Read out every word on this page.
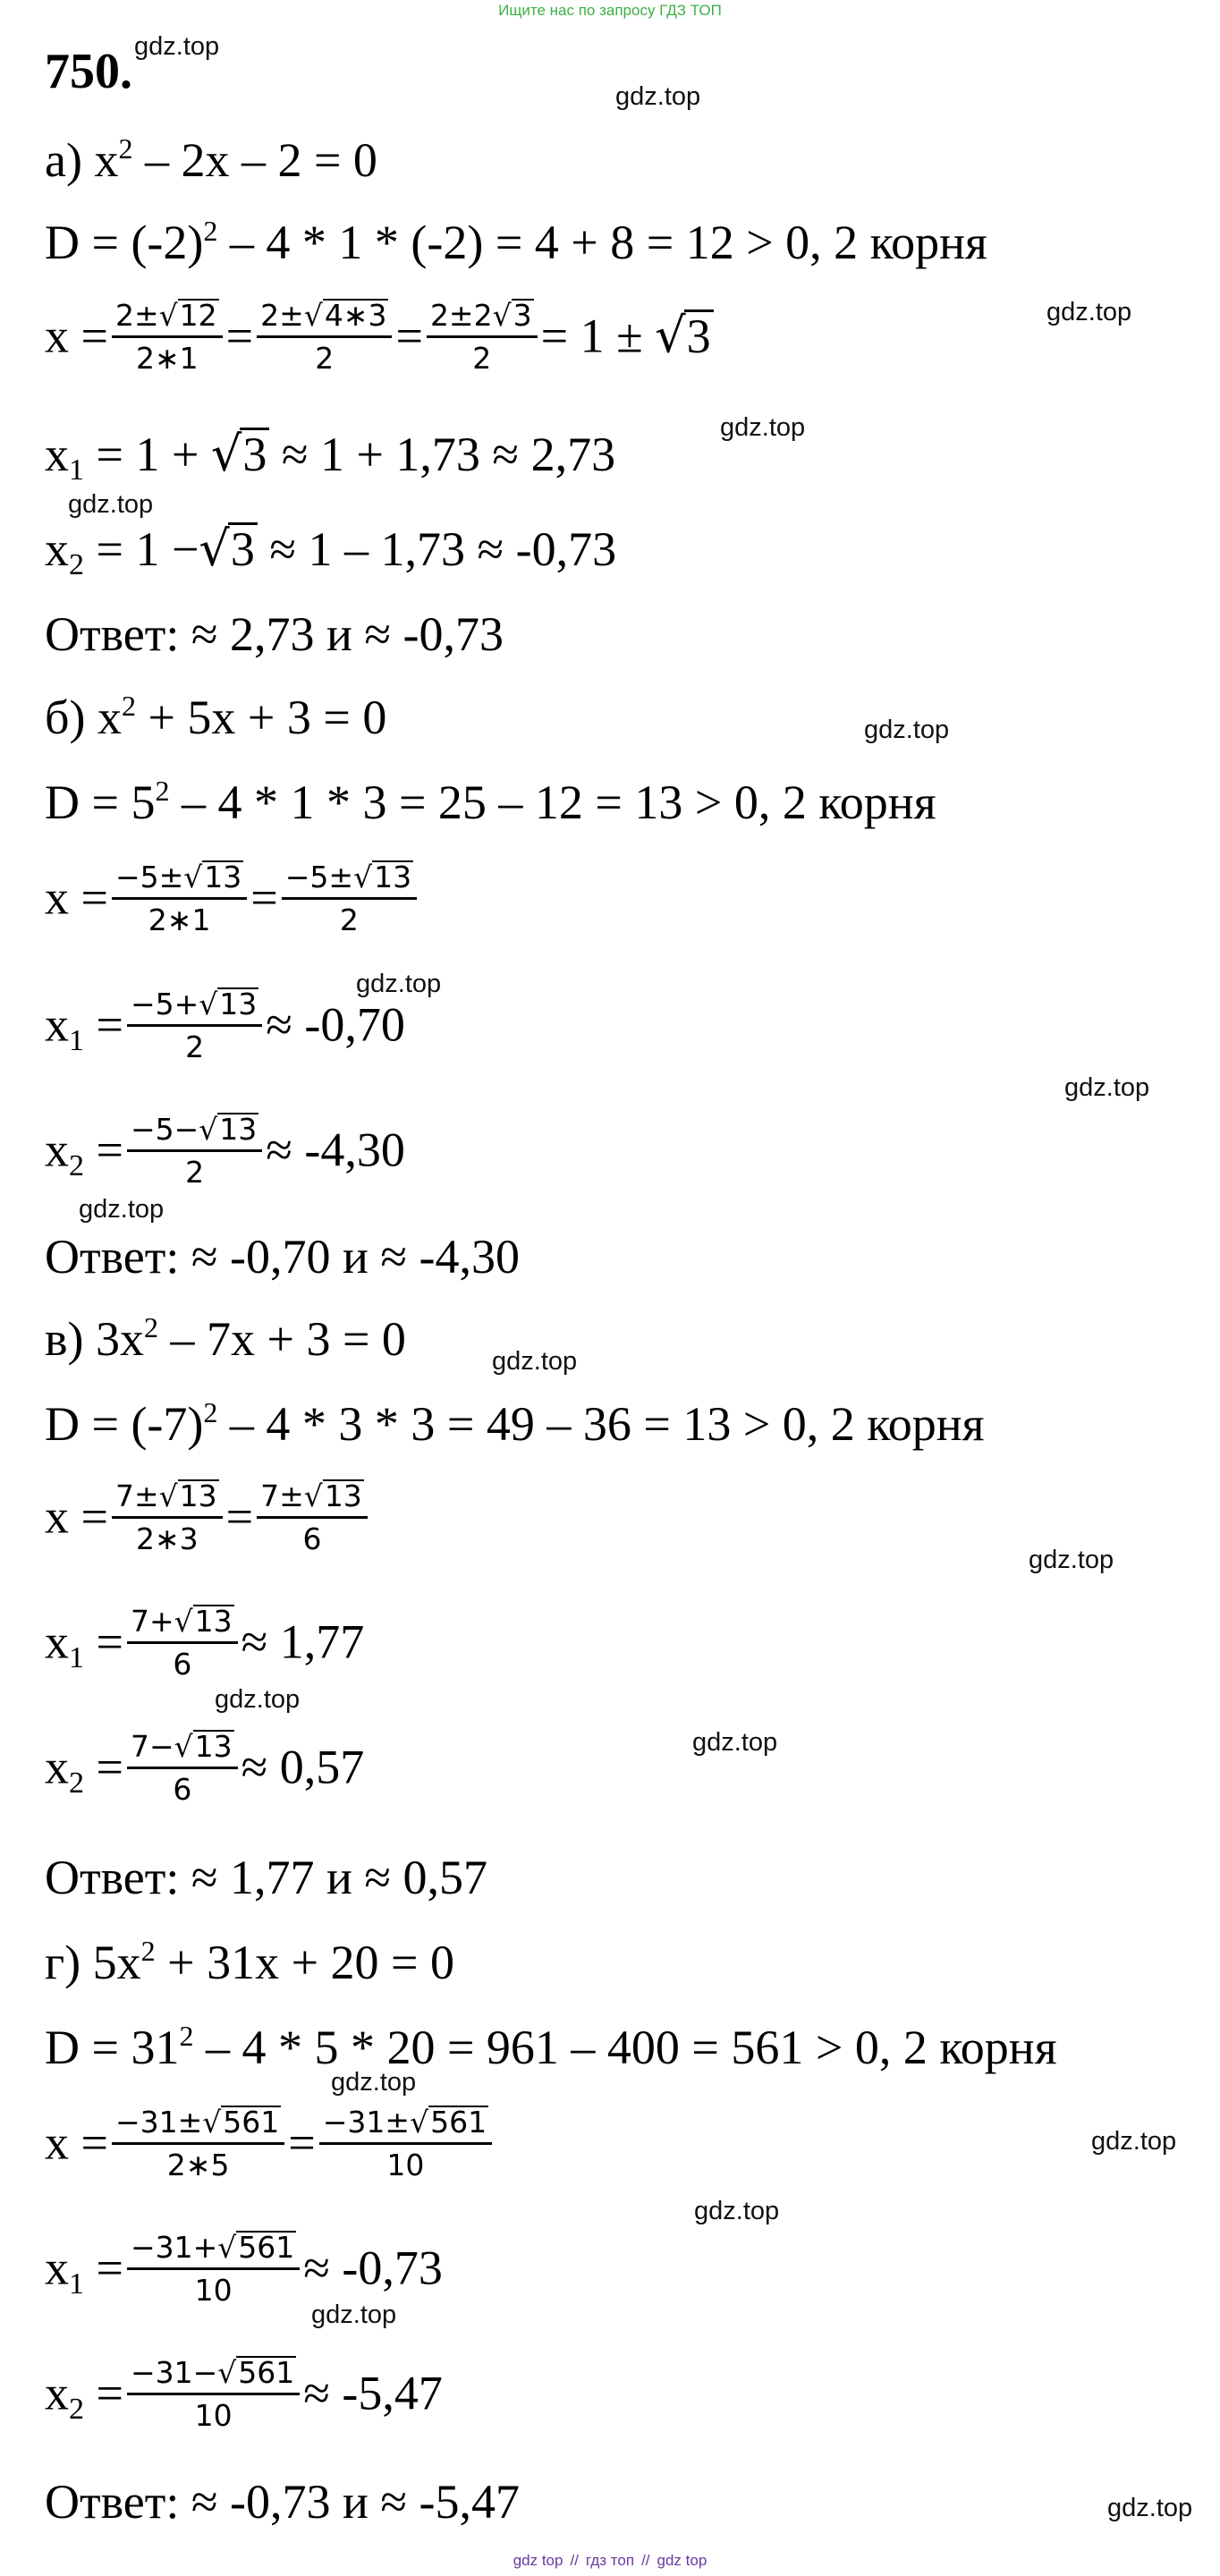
Ищите нас по запросу ГДЗ ТОП
750. gdz.top
gdz.top
gdz.top
gdz.top
gdz.top
gdz.top
gdz.top
gdz.top
gdz.top
gdz.top
gdz.top
gdz.top
gdz.top
gdz.top
gdz.top
gdz.top
gdz.top
gdz.top
а) $x^2 - 2x - 2 = 0$
$D = (-2)^2 - 4 * 1 * (-2) = 4 + 8 = 12 > 0$, 2 корня
$x = \frac{2\pm√12}{2∗1} = \frac{2\pm√4∗3}{2} = \frac{2\pm 2√3}{2} = 1 \pm √3$
$x_1 = 1 + √3 \approx 1 + 1,73 \approx 2,73$
$x_2 = 1 -√3 \approx 1 - 1,73 \approx -0,73$
Ответ: ≈ 2,73 и ≈ -0,73
б) $x^2 + 5x + 3 = 0$
$D = 5^2 - 4 * 1 * 3 = 25 - 12 = 13 > 0$, 2 корня
$x = \frac{-5\pm√13}{2∗1} = \frac{-5\pm√13}{2}$
$x_1 = \frac{-5+√13}{2} \approx -0,70$
$x_2 = \frac{-5-√13}{2} \approx -4,30$
Ответ: ≈ -0,70 и ≈ -4,30
в) $3x^2 - 7x + 3 = 0$
$D = (-7)^2 - 4 * 3 * 3 = 49 - 36 = 13 > 0$, 2 корня
$x = \frac{7\pm√13}{2∗3} = \frac{7\pm√13}{6}$
$x_1 = \frac{7+√13}{6} \approx 1,77$
$x_2 = \frac{7-√13}{6} \approx 0,57$
Ответ: ≈ 1,77 и ≈ 0,57
г) $5x^2 + 31x + 20 = 0$
$D = 31^2 - 4 * 5 * 20 = 961 - 400 = 561 > 0$, 2 корня
$x = \frac{-31\pm√561}{2∗5} = \frac{-31\pm√561}{10}$
$x_1 = \frac{-31+√561}{10} \approx -0,73$
$x_2 = \frac{-31-√561}{10} \approx -5,47$
Ответ: ≈ -0,73 и ≈ -5,47
gdz top // гдз топ // gdz top
